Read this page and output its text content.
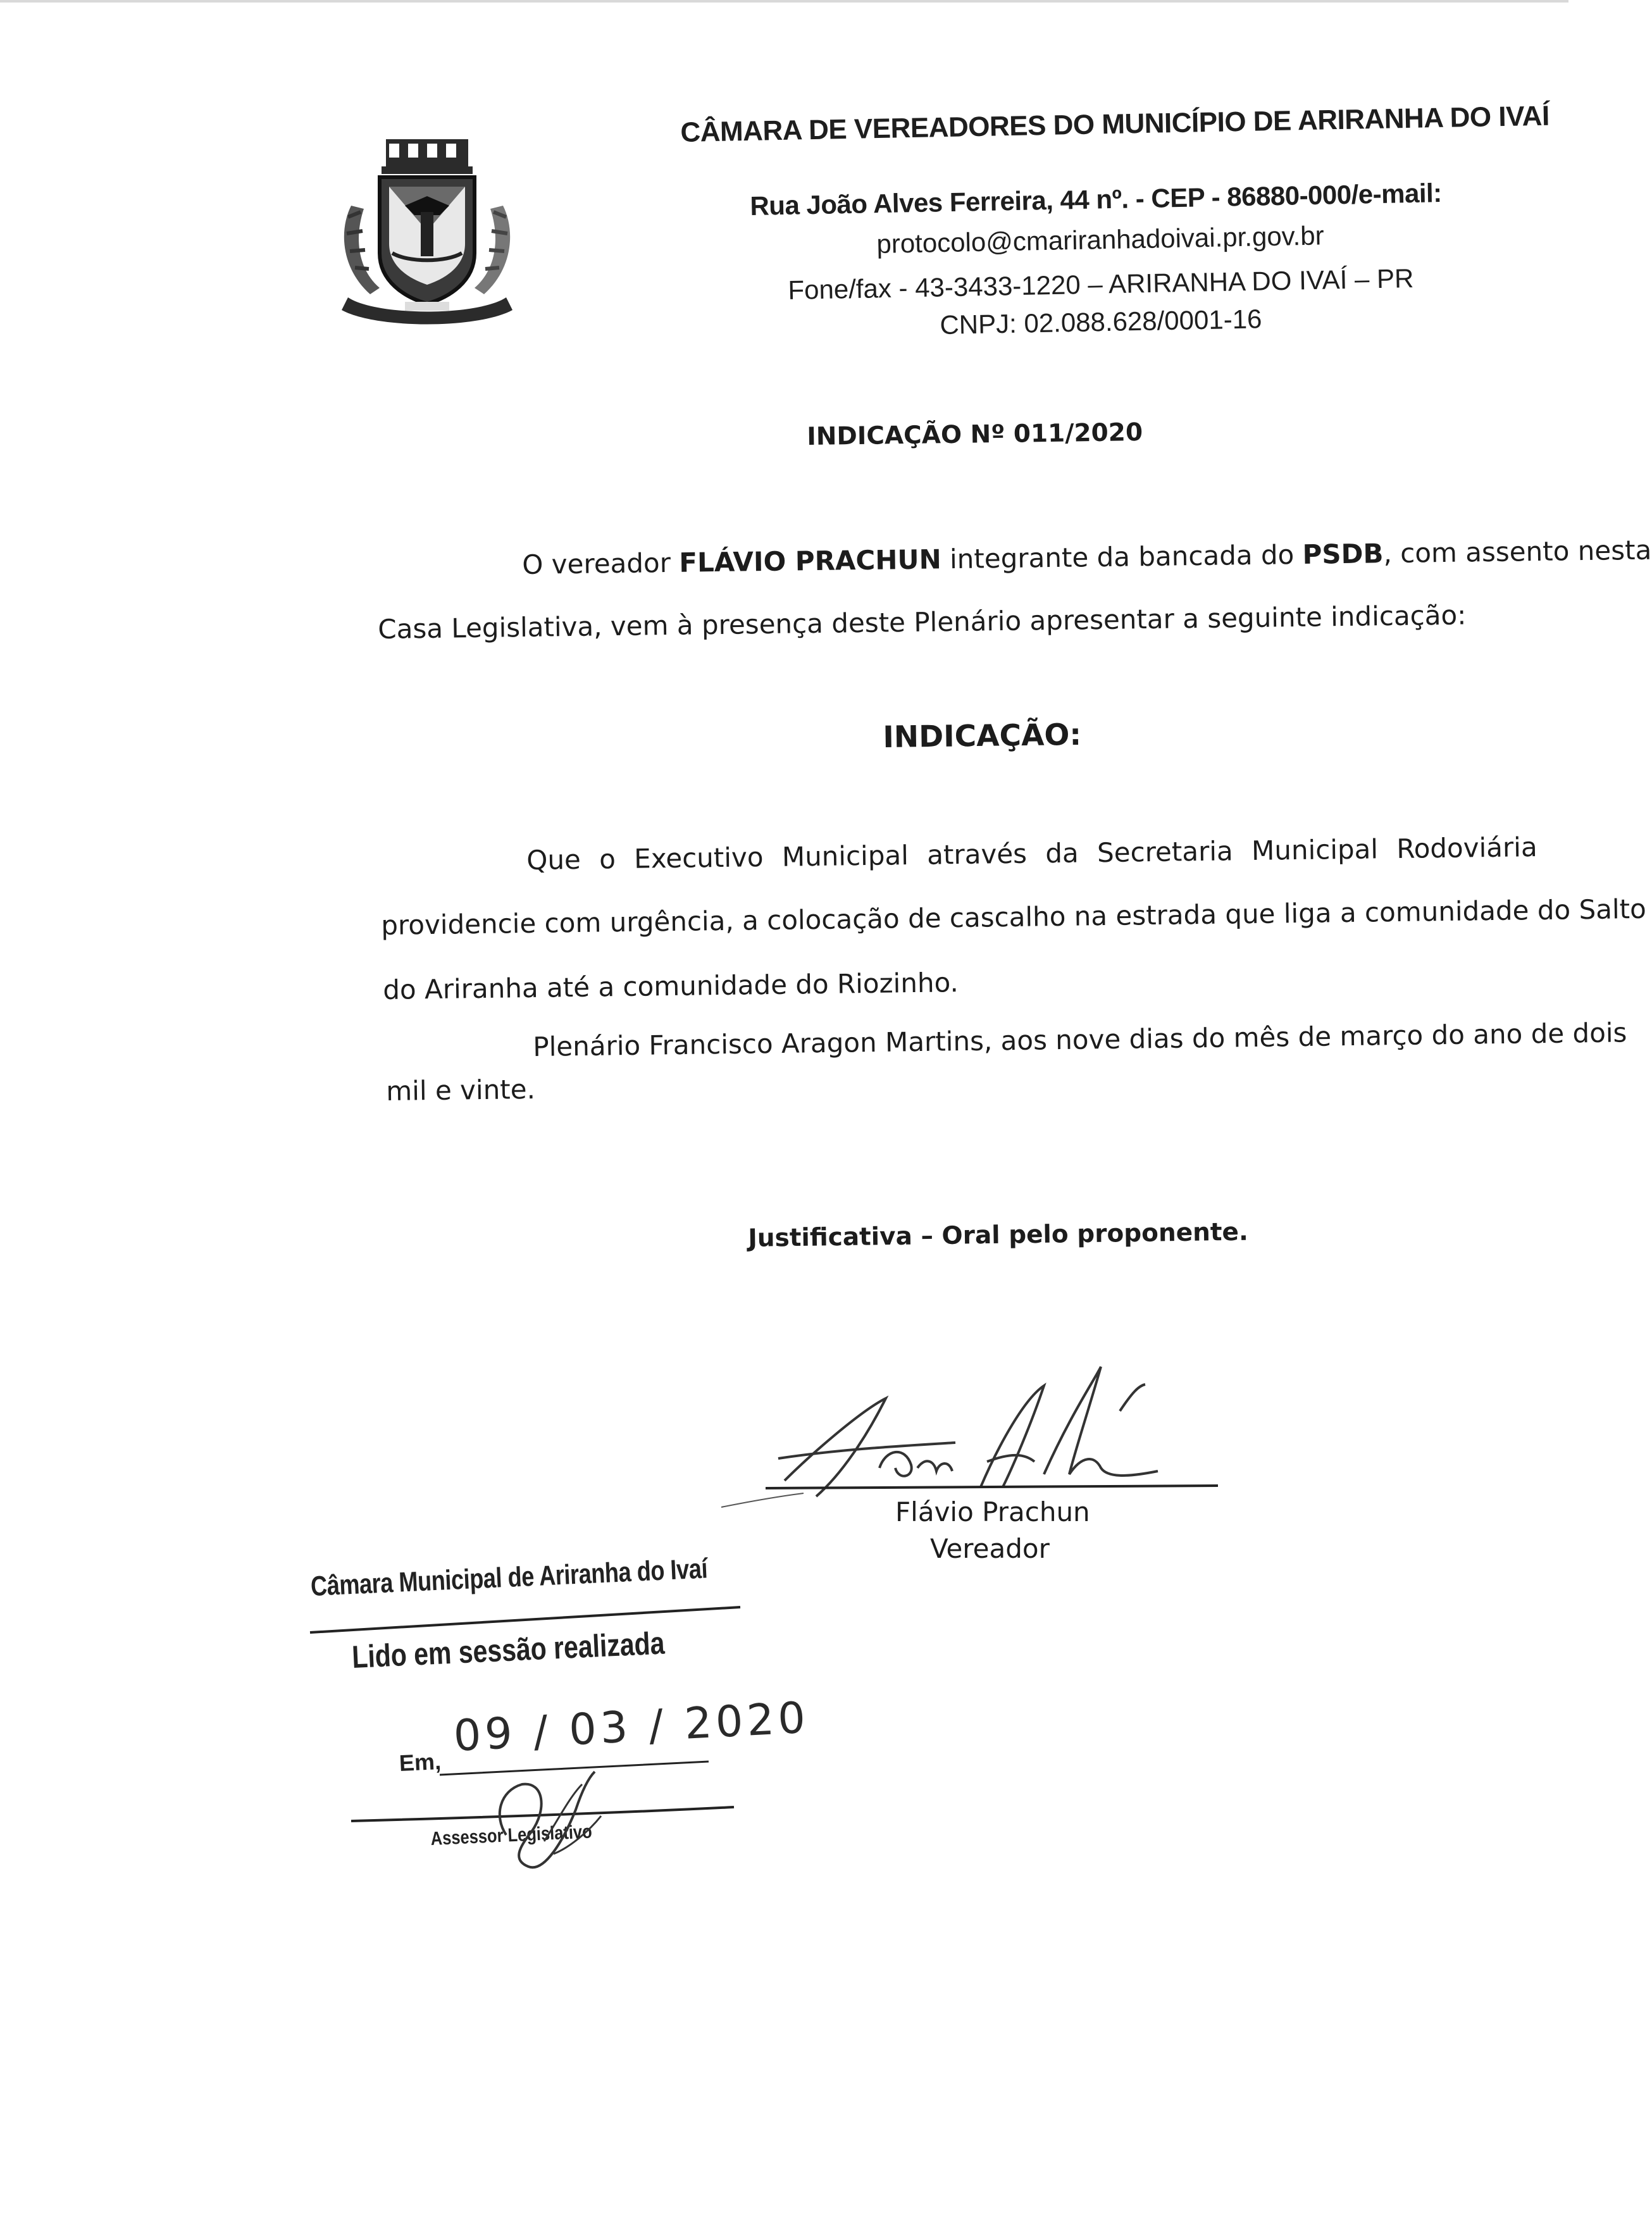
CÂMARA DE VEREADORES DO MUNICÍPIO DE ARIRANHA DO IVAÍ
Rua João Alves Ferreira, 44 nº. - CEP - 86880-000/e-mail:
protocolo@cmariranhadoivai.pr.gov.br
Fone/fax - 43-3433-1220 – ARIRANHA DO IVAÍ – PR
CNPJ: 02.088.628/0001-16
INDICAÇÃO Nº 011/2020
O vereador FLÁVIO PRACHUN integrante da bancada do PSDB, com assento nesta
Casa Legislativa, vem à presença deste Plenário apresentar a seguinte indicação:
INDICAÇÃO:
Que o Executivo Municipal através da Secretaria Municipal Rodoviária
providencie com urgência, a colocação de cascalho na estrada que liga a comunidade do Salto
do Ariranha até a comunidade do Riozinho.
Plenário Francisco Aragon Martins, aos nove dias do mês de março do ano de dois
mil e vinte.
Justificativa – Oral pelo proponente.
Flávio Prachun
Vereador
Câmara Municipal de Ariranha do Ivaí
Lido em sessão realizada
Em,
09 / 03 / 2020
Assessor Legislativo
